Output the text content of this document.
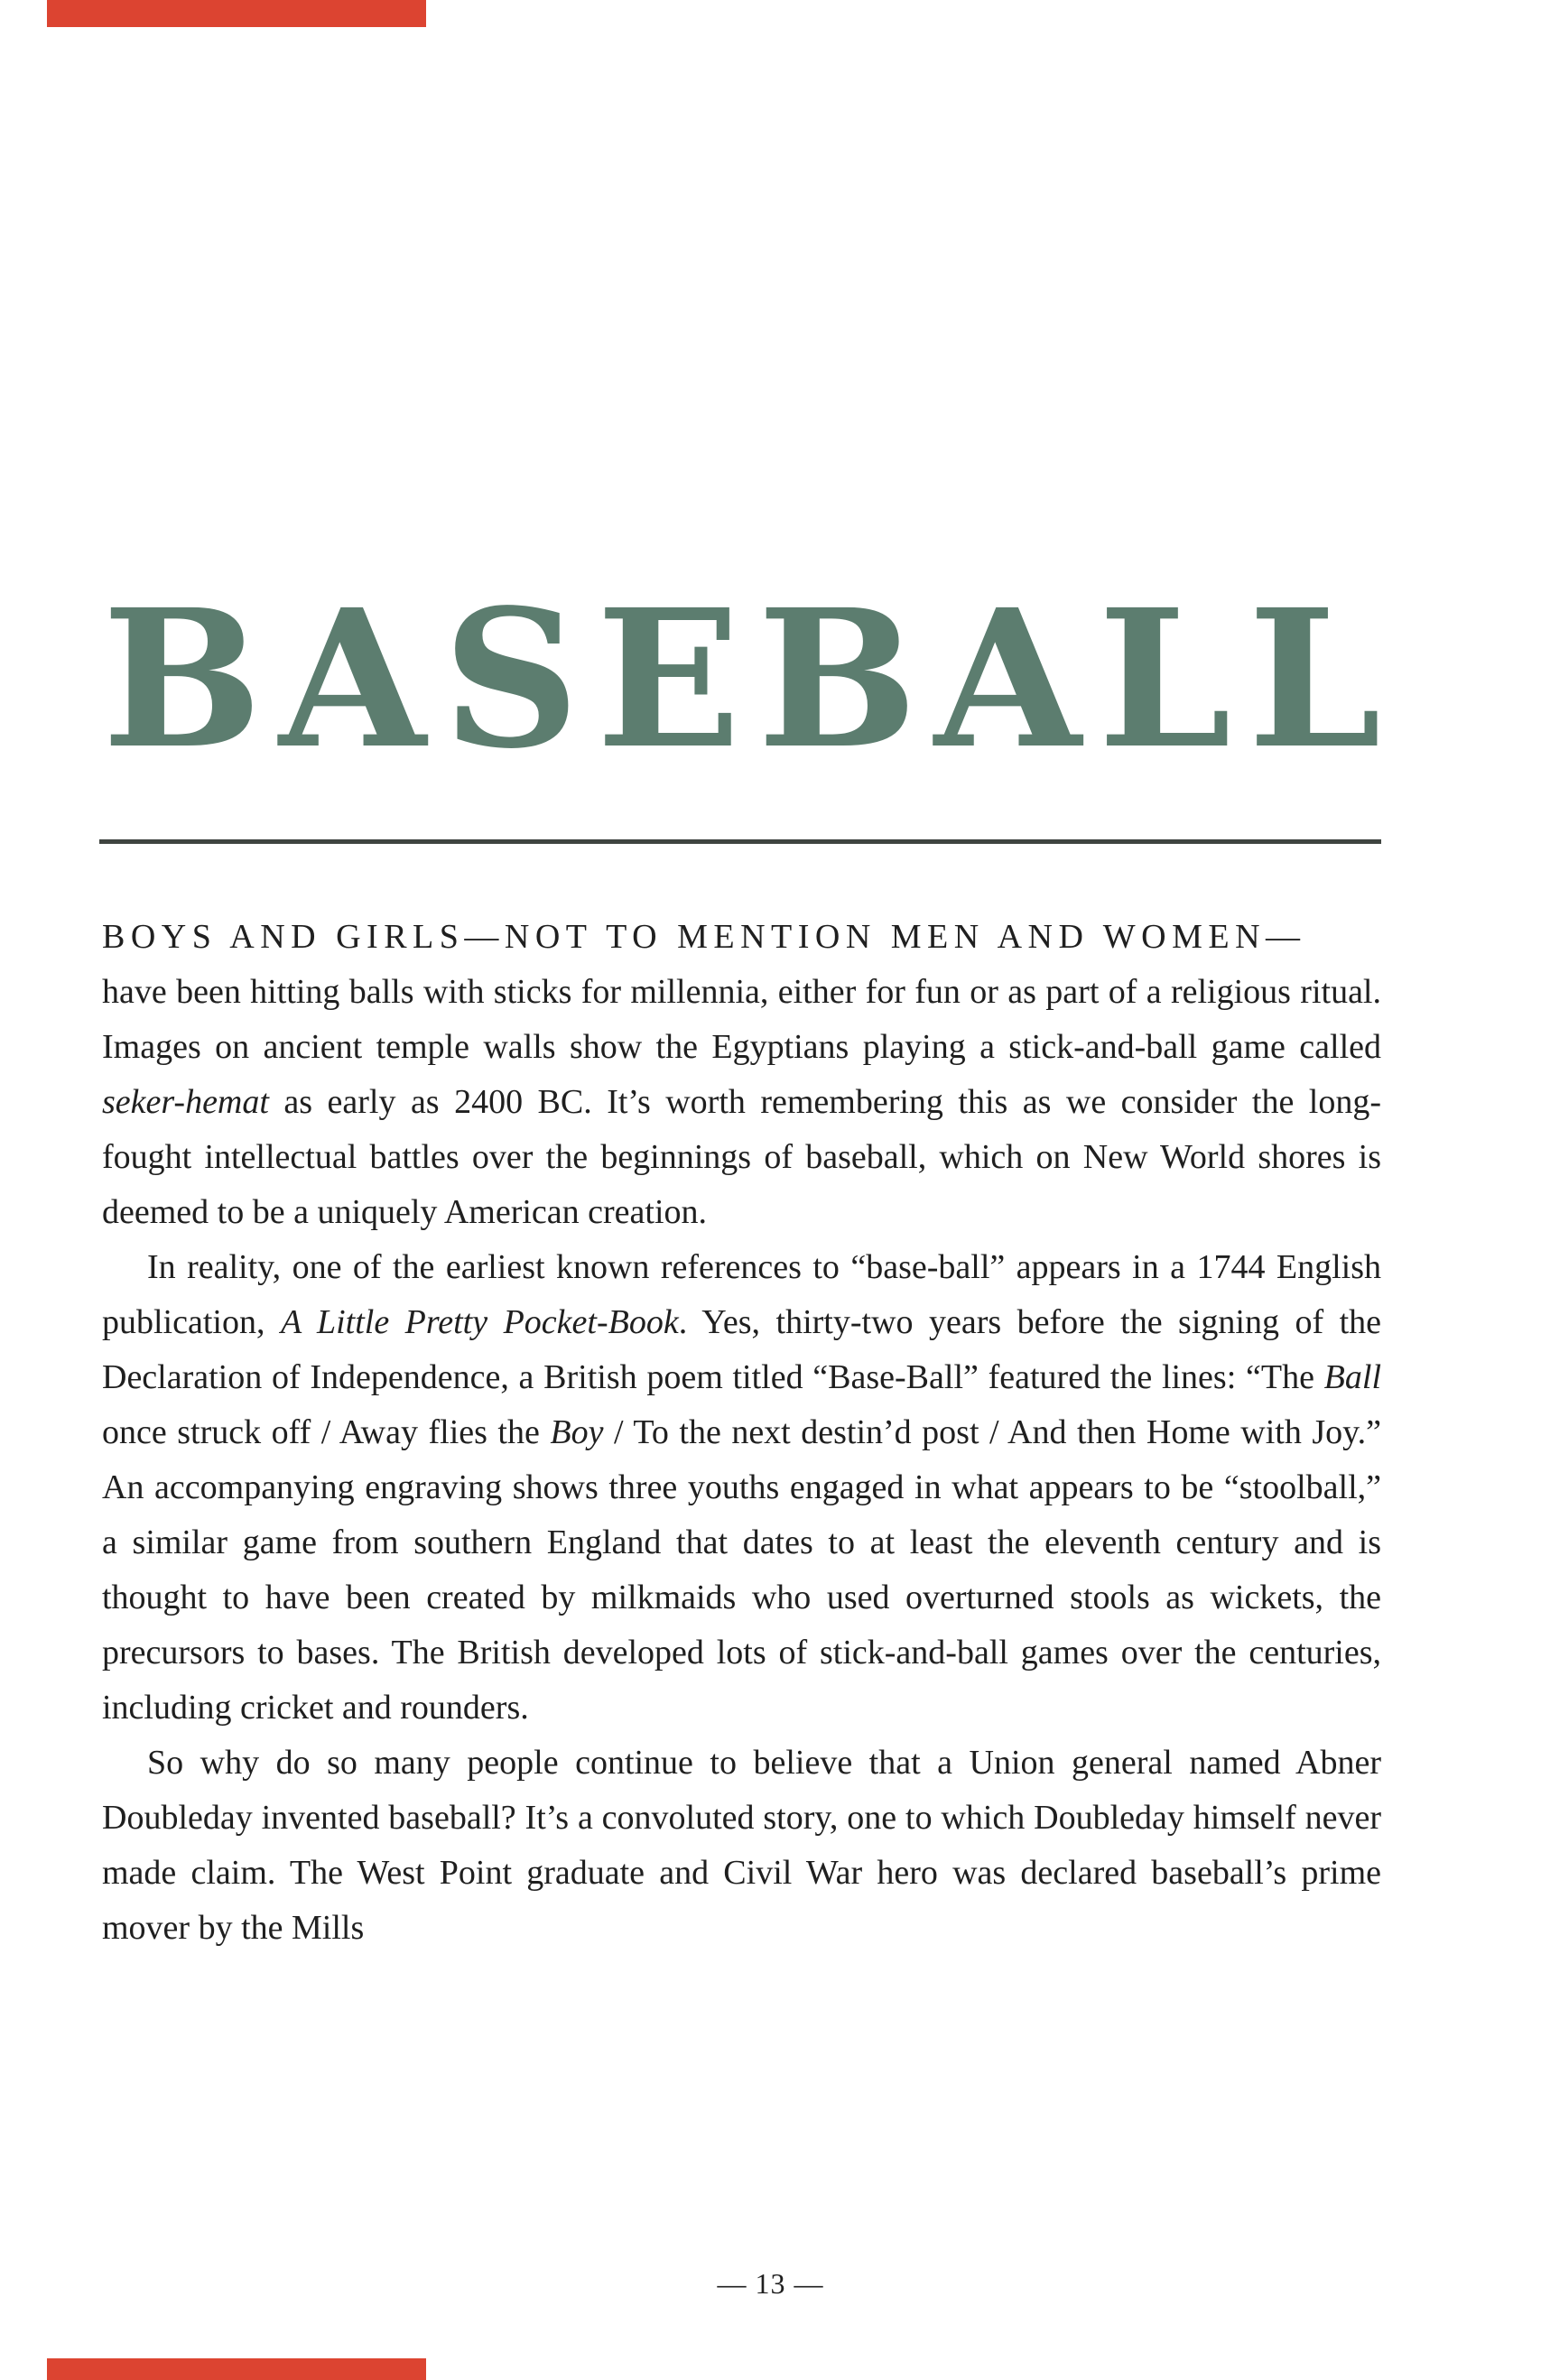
B A S E B A L L

BOYS AND GIRLS—NOT TO MENTION MEN AND WOMEN—
have been hitting balls with sticks for millennia, either for fun or as part of a religious ritual. Images on ancient temple walls show the Egyptians playing a stick-and-ball game called seker-hemat as early as 2400 BC. It’s worth remembering this as we consider the long-fought intellectual battles over the beginnings of baseball, which on New World shores is deemed to be a uniquely American creation.

In reality, one of the earliest known references to “base-ball” appears in a 1744 English publication, A Little Pretty Pocket-Book. Yes, thirty-two years before the signing of the Declaration of Independence, a British poem titled “Base-Ball” featured the lines: “The Ball once struck off / Away flies the Boy / To the next destin’d post / And then Home with Joy.” An accompanying engraving shows three youths engaged in what appears to be “stoolball,” a similar game from southern England that dates to at least the eleventh century and is thought to have been created by milkmaids who used overturned stools as wickets, the precursors to bases. The British developed lots of stick-and-ball games over the centuries, including cricket and rounders.

So why do so many people continue to believe that a Union general named Abner Doubleday invented baseball? It’s a convoluted story, one to which Doubleday himself never made claim. The West Point graduate and Civil War hero was declared baseball’s prime mover by the Mills

— 13 —
